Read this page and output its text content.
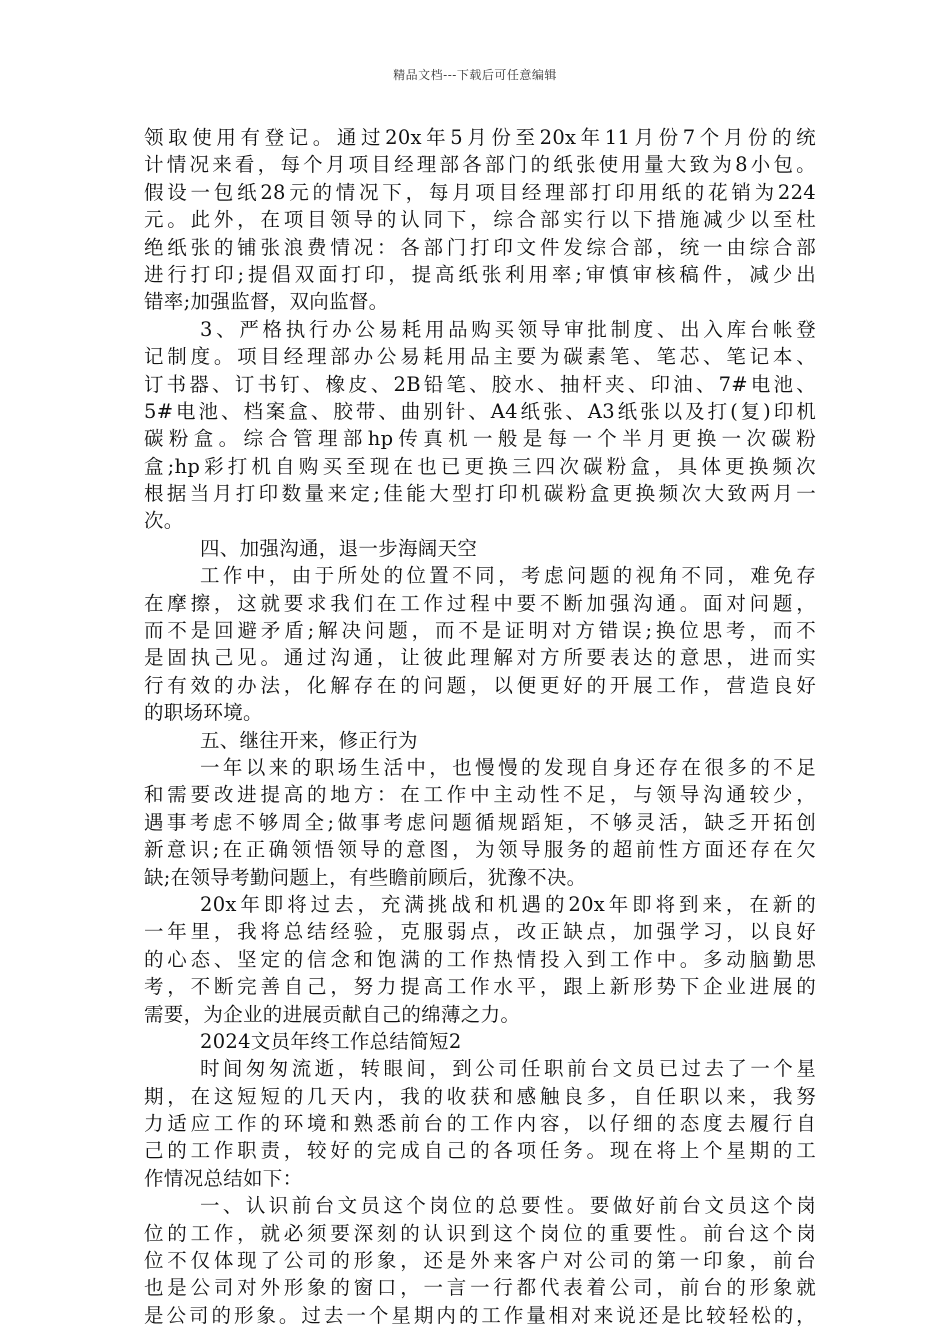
精品文档---下载后可任意编辑
领取使用有登记。通过20x年5月份至20x年11月份7个月份的统
计情况来看，每个月项目经理部各部门的纸张使用量大致为8小包。
假设一包纸28元的情况下，每月项目经理部打印用纸的花销为224
元。此外，在项目领导的认同下，综合部实行以下措施减少以至杜
绝纸张的铺张浪费情况：各部门打印文件发综合部，统一由综合部
进行打印;提倡双面打印，提高纸张利用率;审慎审核稿件，减少出
错率;加强监督，双向监督。
3、严格执行办公易耗用品购买领导审批制度、出入库台帐登
记制度。项目经理部办公易耗用品主要为碳素笔、笔芯、笔记本、
订书器、订书钉、橡皮、2B铅笔、胶水、抽杆夹、印油、7#电池、
5#电池、档案盒、胶带、曲别针、A4纸张、A3纸张以及打(复)印机
碳粉盒。综合管理部hp传真机一般是每一个半月更换一次碳粉
盒;hp彩打机自购买至现在也已更换三四次碳粉盒，具体更换频次
根据当月打印数量来定;佳能大型打印机碳粉盒更换频次大致两月一
次。
四、加强沟通，退一步海阔天空
工作中，由于所处的位置不同，考虑问题的视角不同，难免存
在摩擦，这就要求我们在工作过程中要不断加强沟通。面对问题，
而不是回避矛盾;解决问题，而不是证明对方错误;换位思考，而不
是固执己见。通过沟通，让彼此理解对方所要表达的意思，进而实
行有效的办法，化解存在的问题，以便更好的开展工作，营造良好
的职场环境。
五、继往开来，修正行为
一年以来的职场生活中，也慢慢的发现自身还存在很多的不足
和需要改进提高的地方：在工作中主动性不足，与领导沟通较少，
遇事考虑不够周全;做事考虑问题循规蹈矩，不够灵活，缺乏开拓创
新意识;在正确领悟领导的意图，为领导服务的超前性方面还存在欠
缺;在领导考勤问题上，有些瞻前顾后，犹豫不决。
20x年即将过去，充满挑战和机遇的20x年即将到来，在新的
一年里，我将总结经验，克服弱点，改正缺点，加强学习，以良好
的心态、坚定的信念和饱满的工作热情投入到工作中。多动脑勤思
考，不断完善自己，努力提高工作水平，跟上新形势下企业进展的
需要，为企业的进展贡献自己的绵薄之力。
2024文员年终工作总结简短2
时间匆匆流逝，转眼间，到公司任职前台文员已过去了一个星
期，在这短短的几天内，我的收获和感触良多，自任职以来，我努
力适应工作的环境和熟悉前台的工作内容，以仔细的态度去履行自
己的工作职责，较好的完成自己的各项任务。现在将上个星期的工
作情况总结如下：
一、认识前台文员这个岗位的总要性。要做好前台文员这个岗
位的工作，就必须要深刻的认识到这个岗位的重要性。前台这个岗
位不仅体现了公司的形象，还是外来客户对公司的第一印象，前台
也是公司对外形象的窗口，一言一行都代表着公司，前台的形象就
是公司的形象。过去一个星期内的工作量相对来说还是比较轻松的，
